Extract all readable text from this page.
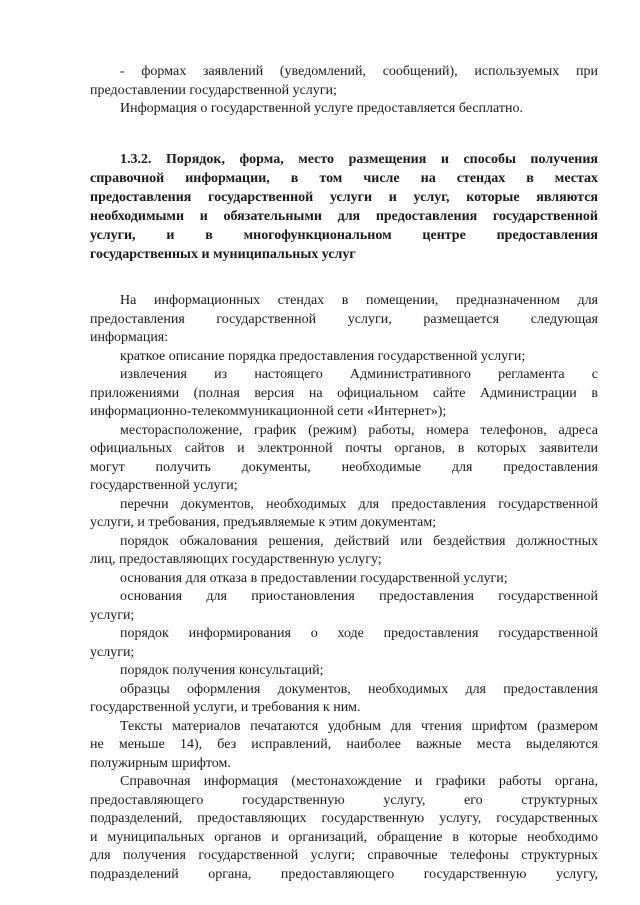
- формах заявлений (уведомлений, сообщений), используемых при
предоставлении государственной услуги;
Информация о государственной услуге предоставляется бесплатно.
1.3.2. Порядок, форма, место размещения и способы получения
справочной информации, в том числе на стендах в местах
предоставления государственной услуги и услуг, которые являются
необходимыми и обязательными для предоставления государственной
услуги, и в многофункциональном центре предоставления
государственных и муниципальных услуг
На информационных стендах в помещении, предназначенном для
предоставления государственной услуги, размещается следующая
информация:
краткое описание порядка предоставления государственной услуги;
извлечения из настоящего Административного регламента с
приложениями (полная версия на официальном сайте Администрации в
информационно-телекоммуникационной сети «Интернет»);
месторасположение, график (режим) работы, номера телефонов, адреса
официальных сайтов и электронной почты органов, в которых заявители
могут получить документы, необходимые для предоставления
государственной услуги;
перечни документов, необходимых для предоставления государственной
услуги, и требования, предъявляемые к этим документам;
порядок обжалования решения, действий или бездействия должностных
лиц, предоставляющих государственную услугу;
основания для отказа в предоставлении государственной услуги;
основания для приостановления предоставления государственной
услуги;
порядок информирования о ходе предоставления государственной
услуги;
порядок получения консультаций;
образцы оформления документов, необходимых для предоставления
государственной услуги, и требования к ним.
Тексты материалов печатаются удобным для чтения шрифтом (размером
не меньше 14), без исправлений, наиболее важные места выделяются
полужирным шрифтом.
Справочная информация (местонахождение и графики работы органа,
предоставляющего государственную услугу, его структурных
подразделений, предоставляющих государственную услугу, государственных
и муниципальных органов и организаций, обращение в которые необходимо
для получения государственной услуги; справочные телефоны структурных
подразделений органа, предоставляющего государственную услугу,
